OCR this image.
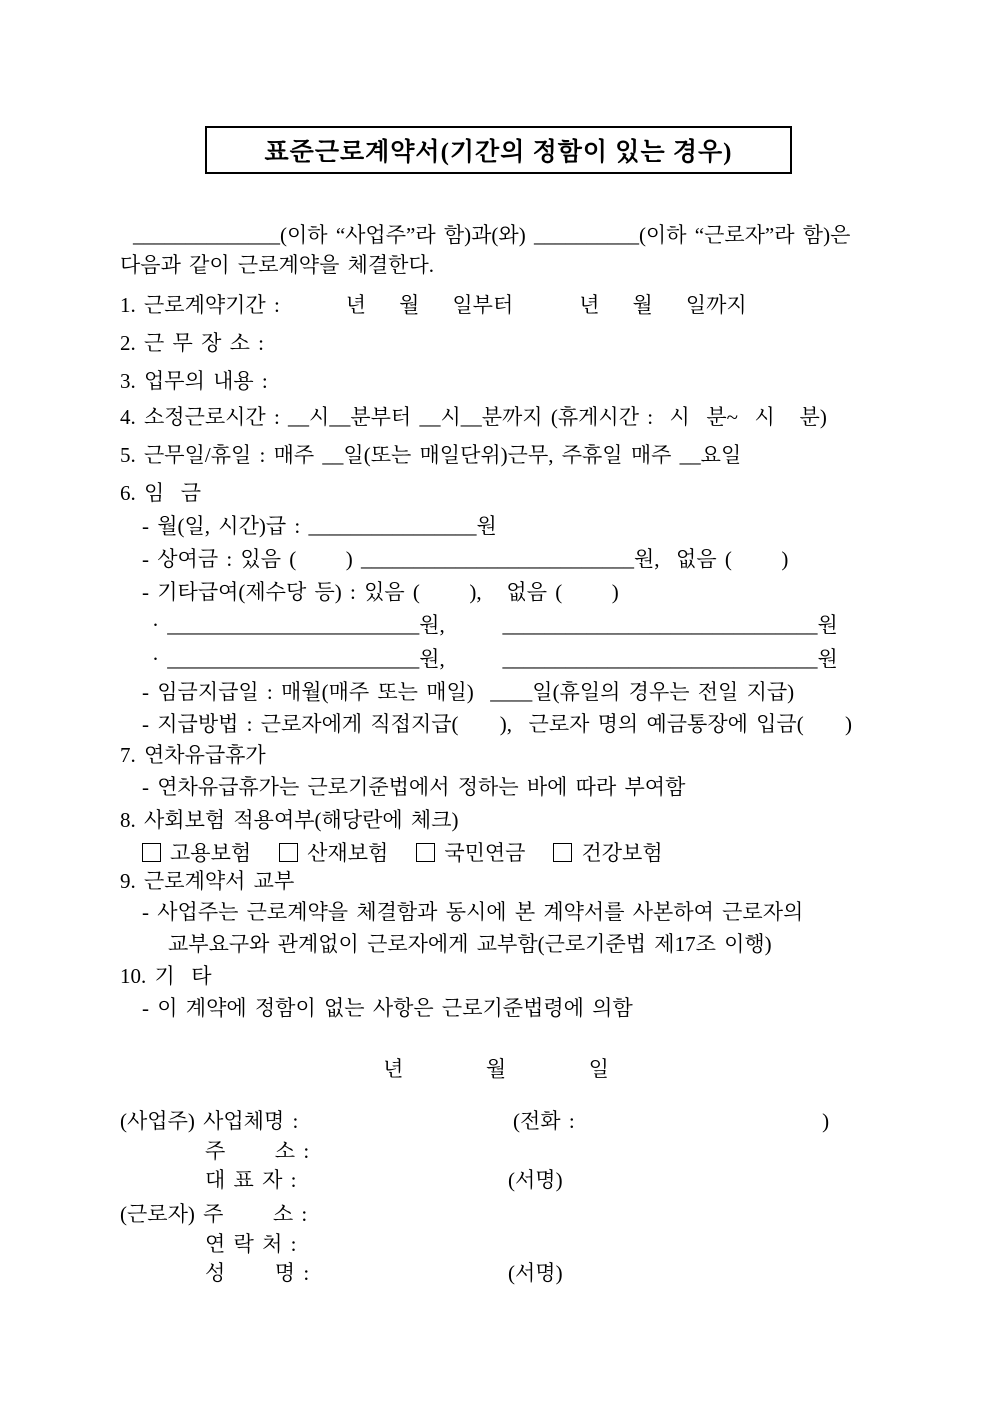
표준근로계약서(기간의 정함이 있는 경우)
______________(이하 “사업주”라 함)과(와) __________(이하 “근로자”라 함)은
다음과 같이 근로계약을 체결한다.
1. 근로계약기간 :        년    월    일부터        년    월    일까지
2. 근 무 장 소 :
3. 업무의 내용 :
4. 소정근로시간 : __시__분부터 __시__분까지 (휴게시간 :  시  분~  시   분)
5. 근무일/휴일 : 매주 __일(또는 매일단위)근무, 주휴일 매주 __요일
6. 임  금
- 월(일, 시간)급 : ________________원
- 상여금 : 있음 (      ) __________________________원,  없음 (      )
- 기타급여(제수당 등) : 있음 (      ),   없음 (      )
· ________________________원,       ______________________________원
· ________________________원,       ______________________________원
- 임금지급일 : 매월(매주 또는 매일)  ____일(휴일의 경우는 전일 지급)
- 지급방법 : 근로자에게 직접지급(     ),  근로자 명의 예금통장에 입금(     )
7. 연차유급휴가
- 연차유급휴가는 근로기준법에서 정하는 바에 따라 부여함
8. 사회보험 적용여부(해당란에 체크)
고용보험	산재보험	국민연금	건강보험
9. 근로계약서 교부
- 사업주는 근로계약을 체결함과 동시에 본 계약서를 사본하여 근로자의
교부요구와 관계없이 근로자에게 교부함(근로기준법 제17조 이행)
10. 기  타
- 이 계약에 정함이 없는 사항은 근로기준법령에 의함
년          월          일
(사업주) 사업체명 :	(전화 :                              )
주      소 :
대 표 자 :	(서명)
(근로자) 주      소 :
연 락 처 :
성      명 :	(서명)
